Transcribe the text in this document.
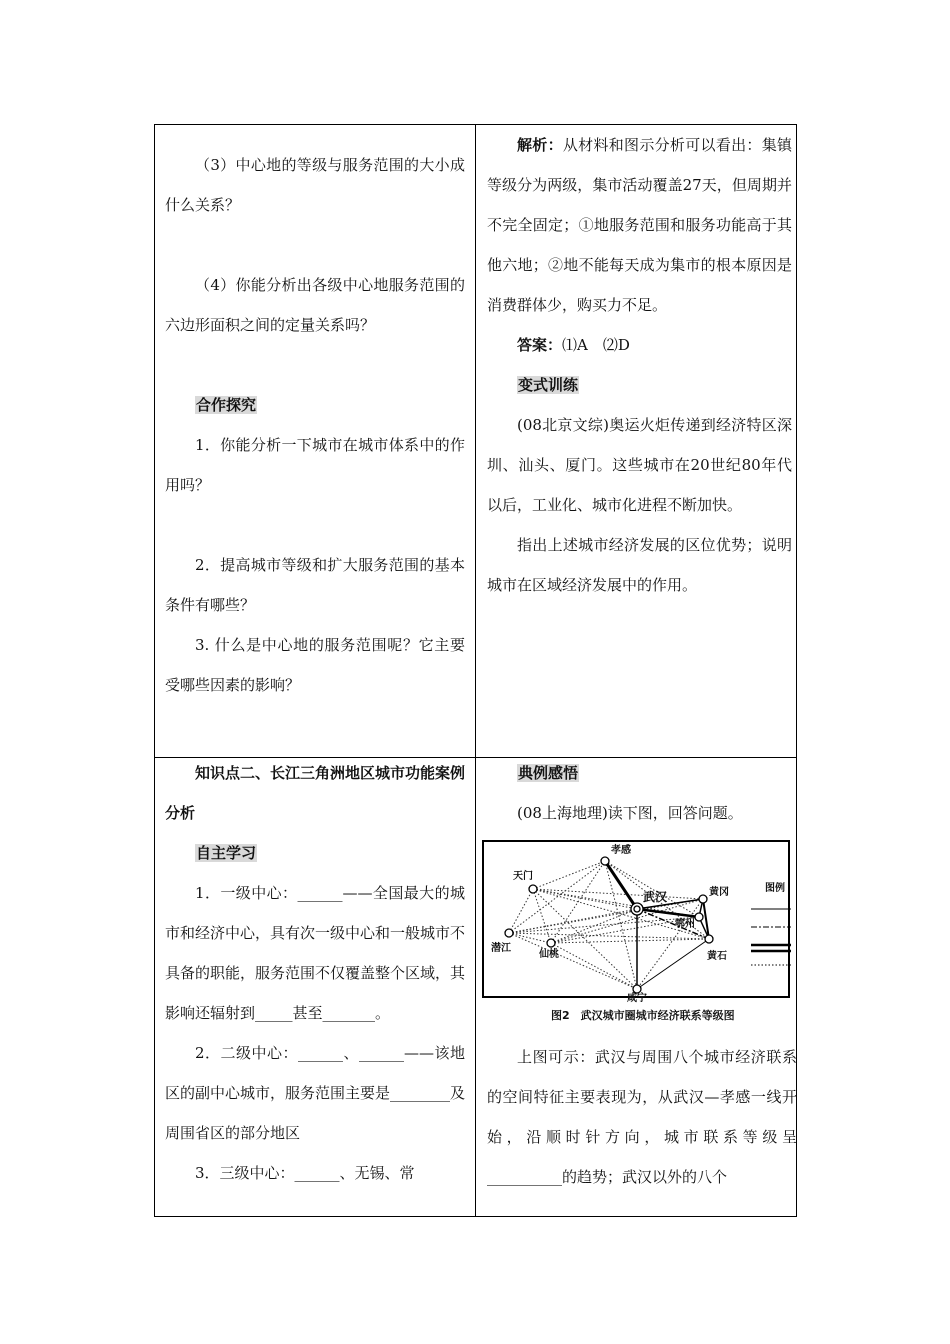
（3）中心地的等级与服务范围的大小成什么关系？

（4）你能分析出各级中心地服务范围的六边形面积之间的定量关系吗？

合作探究

1．你能分析一下城市在城市体系中的作用吗？

2．提高城市等级和扩大服务范围的基本条件有哪些？

3. 什么是中心地的服务范围呢？它主要受哪些因素的影响？

解析：从材料和图示分析可以看出：集镇等级分为两级，集市活动覆盖27天，但周期并不完全固定；①地服务范围和服务功能高于其他六地；②地不能每天成为集市的根本原因是消费群体少，购买力不足。

答案：⑴A　⑵D

变式训练

(08北京文综)奥运火炬传递到经济特区深圳、汕头、厦门。这些城市在20世纪80年代以后，工业化、城市化进程不断加快。

指出上述城市经济发展的区位优势；说明城市在区域经济发展中的作用。

知识点二、长江三角洲地区城市功能案例分析

自主学习

1．一级中心：______——全国最大的城市和经济中心，具有次一级中心和一般城市不具备的职能，服务范围不仅覆盖整个区域，其影响还辐射到_____甚至_______。

2．二级中心：______、______——该地区的副中心城市，服务范围主要是________及周围省区的部分地区

3．三级中心：______、无锡、常

典例感悟

(08上海地理)读下图，回答问题。

孝感
天门
武汉	黄冈
鄂州
潜江
仙桃	黄石
咸宁
图例
图2　武汉城市圈城市经济联系等级图

上图可示：武汉与周围八个城市经济联系的空间特征主要表现为，从武汉—孝感一线开始，沿顺时针方向，城市联系等级呈__________的趋势；武汉以外的八个
